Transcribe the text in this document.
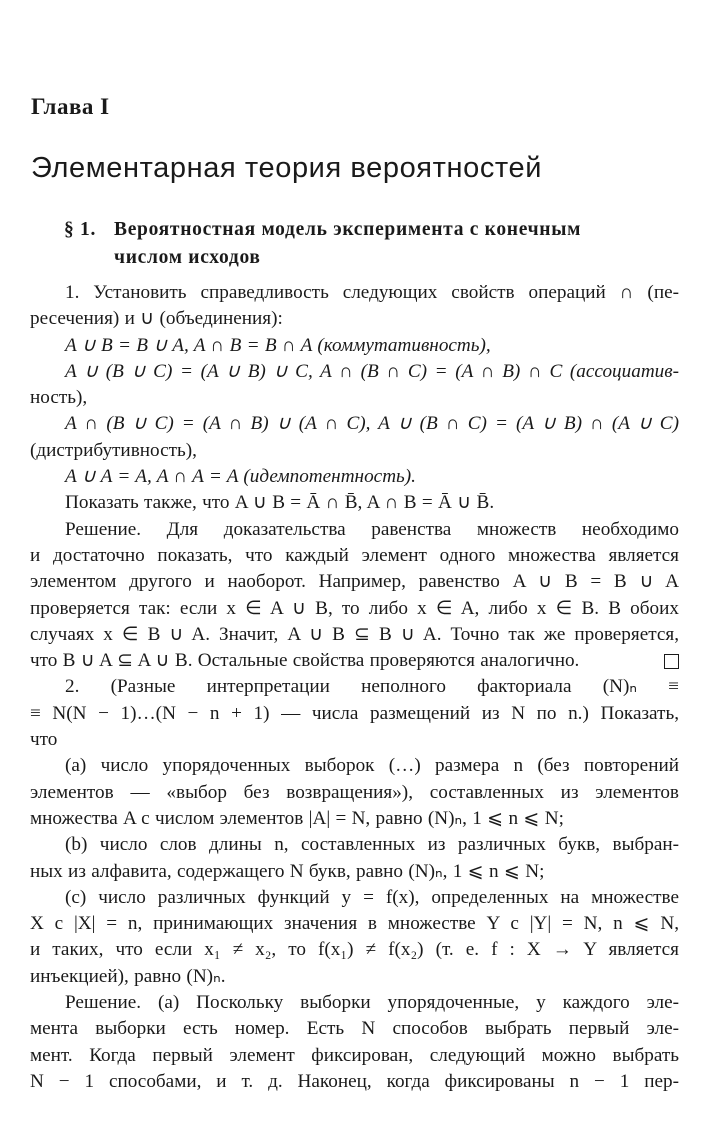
Глава I
Элементарная теория вероятностей
§ 1. Вероятностная модель эксперимента с конечным
числом исходов
1. Установить справедливость следующих свойств операций ∩ (пе-
ресечения) и ∪ (объединения):
A ∪ B = B ∪ A, A ∩ B = B ∩ A (коммутативность),
A ∪ (B ∪ C) = (A ∪ B) ∪ C, A ∩ (B ∩ C) = (A ∩ B) ∩ C (ассоциатив-
ность),
A ∩ (B ∪ C) = (A ∩ B) ∪ (A ∩ C), A ∪ (B ∩ C) = (A ∪ B) ∩ (A ∪ C)
(дистрибутивность),
A ∪ A = A, A ∩ A = A (идемпотентность).
Показать также, что A ∪ B = Ā ∩ B̄, A ∩ B = Ā ∪ B̄.
Решение. Для доказательства равенства множеств необходимо
и достаточно показать, что каждый элемент одного множества является
элементом другого и наоборот. Например, равенство A ∪ B = B ∪ A
проверяется так: если x ∈ A ∪ B, то либо x ∈ A, либо x ∈ B. В обоих
случаях x ∈ B ∪ A. Значит, A ∪ B ⊆ B ∪ A. Точно так же проверяется,
что B ∪ A ⊆ A ∪ B. Остальные свойства проверяются аналогично.
2. (Разные интерпретации неполного факториала (N)ₙ ≡
≡ N(N − 1)…(N − n + 1) — числа размещений из N по n.) Показать,
что
(a) число упорядоченных выборок (…) размера n (без повторений
элементов — «выбор без возвращения»), составленных из элементов
множества A с числом элементов |A| = N, равно (N)ₙ, 1 ⩽ n ⩽ N;
(b) число слов длины n, составленных из различных букв, выбран-
ных из алфавита, содержащего N букв, равно (N)ₙ, 1 ⩽ n ⩽ N;
(c) число различных функций y = f(x), определенных на множестве
X с |X| = n, принимающих значения в множестве Y с |Y| = N, n ⩽ N,
и таких, что если x₁ ≠ x₂, то f(x₁) ≠ f(x₂) (т. е. f : X → Y является
инъекцией), равно (N)ₙ.
Решение. (a) Поскольку выборки упорядоченные, у каждого эле-
мента выборки есть номер. Есть N способов выбрать первый эле-
мент. Когда первый элемент фиксирован, следующий можно выбрать
N − 1 способами, и т. д. Наконец, когда фиксированы n − 1 пер-
